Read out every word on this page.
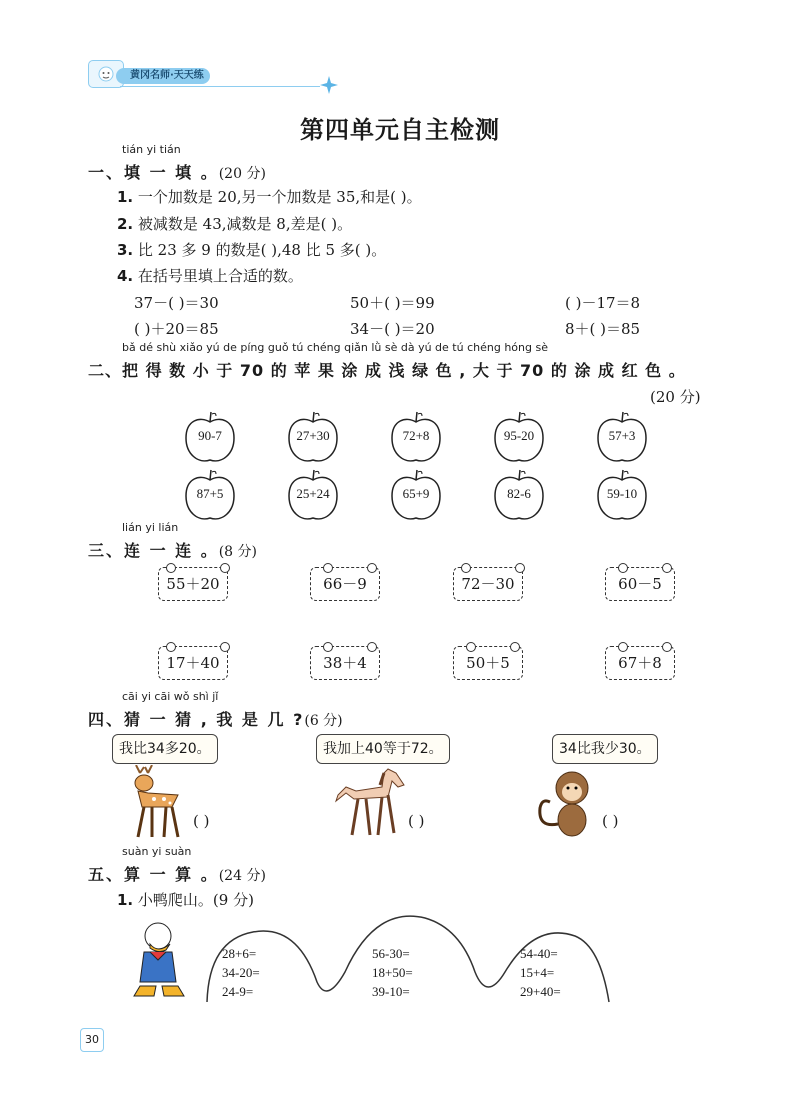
黄冈名师·天天练
第四单元自主检测
tián yi tián
一、填 一 填 。(20 分)
1. 一个加数是 20,另一个加数是 35,和是( )。
2. 被减数是 43,减数是 8,差是( )。
3. 比 23 多 9 的数是( ),48 比 5 多( )。
4. 在括号里填上合适的数。
37－( )＝30	50＋( )＝99	( )－17＝8
( )＋20＝85	34－( )＝20	8＋( )＝85
bǎ dé shù xiǎo yú de píng guǒ tú chéng qiǎn lǜ sè dà yú de tú chéng hóng sè
二、把 得 数 小 于 70 的 苹 果 涂 成 浅 绿 色 , 大 于 70 的 涂 成 红 色 。
(20 分)
90-7	27+30	72+8	95-20	57+3
87+5	25+24	65+9	82-6	59-10
lián yi lián
三、连 一 连 。(8 分)
55＋20	66－9	72－30	60－5
17＋40	38＋4	50＋5	67＋8
cāi yi cāi wǒ shì jǐ
四、猜 一 猜 , 我 是 几 ?(6 分)
我比34多20。	我加上40等于72。	34比我少30。
( )	( )	( )
suàn yi suàn
五、算 一 算 。(24 分)
1. 小鸭爬山。(9 分)
28+6=
34-20=
24-9=
56-30=
18+50=
39-10=
54-40=
15+4=
29+40=
30
